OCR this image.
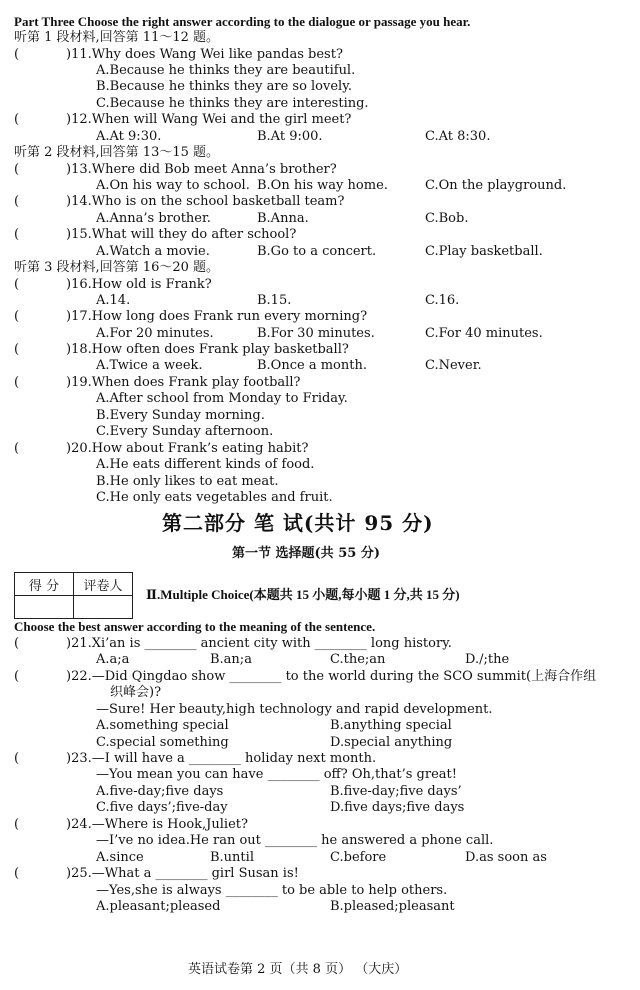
Part Three Choose the right answer according to the dialogue or passage you hear.
听第 1 段材料,回答第 11～12 题。
(	)11.Why does Wang Wei like pandas best?
A.Because he thinks they are beautiful.
B.Because he thinks they are so lovely.
C.Because he thinks they are interesting.
(	)12.When will Wang Wei and the girl meet?
A.At 9:30.	B.At 9:00.	C.At 8:30.
听第 2 段材料,回答第 13～15 题。
(	)13.Where did Bob meet Anna’s brother?
A.On his way to school. B.On his way home.	C.On the playground.
(	)14.Who is on the school basketball team?
A.Anna’s brother.	B.Anna.	C.Bob.
(	)15.What will they do after school?
A.Watch a movie.	B.Go to a concert.	C.Play basketball.
听第 3 段材料,回答第 16～20 题。
(	)16.How old is Frank?
A.14.	B.15.	C.16.
(	)17.How long does Frank run every morning?
A.For 20 minutes.	B.For 30 minutes.	C.For 40 minutes.
(	)18.How often does Frank play basketball?
A.Twice a week.	B.Once a month.	C.Never.
(	)19.When does Frank play football?
A.After school from Monday to Friday.
B.Every Sunday morning.
C.Every Sunday afternoon.
(	)20.How about Frank’s eating habit?
A.He eats different kinds of food.
B.He only likes to eat meat.
C.He only eats vegetables and fruit.
第二部分 笔 试(共计 95 分)
第一节 选择题(共 55 分)
得 分	评卷人

Ⅱ.Multiple Choice(本题共 15 小题,每小题 1 分,共 15 分)
Choose the best answer according to the meaning of the sentence.
(	)21.Xi’an is ________ ancient city with ________ long history.
A.a;a	B.an;a	C.the;an	D./;the
(	)22.—Did Qingdao show ________ to the world during the SCO summit(上海合作组
织峰会)?
—Sure! Her beauty,high technology and rapid development.
A.something special	B.anything special
C.special something	D.special anything
(	)23.—I will have a ________ holiday next month.
—You mean you can have ________ off? Oh,that’s great!
A.five-day;five days	B.five-day;five days’
C.five days’;five-day	D.five days;five days
(	)24.—Where is Hook,Juliet?
—I’ve no idea.He ran out ________ he answered a phone call.
A.since	B.until	C.before	D.as soon as
(	)25.—What a ________ girl Susan is!
—Yes,she is always ________ to be able to help others.
A.pleasant;pleased	B.pleased;pleasant
英语试卷第 2 页（共 8 页） （大庆）
